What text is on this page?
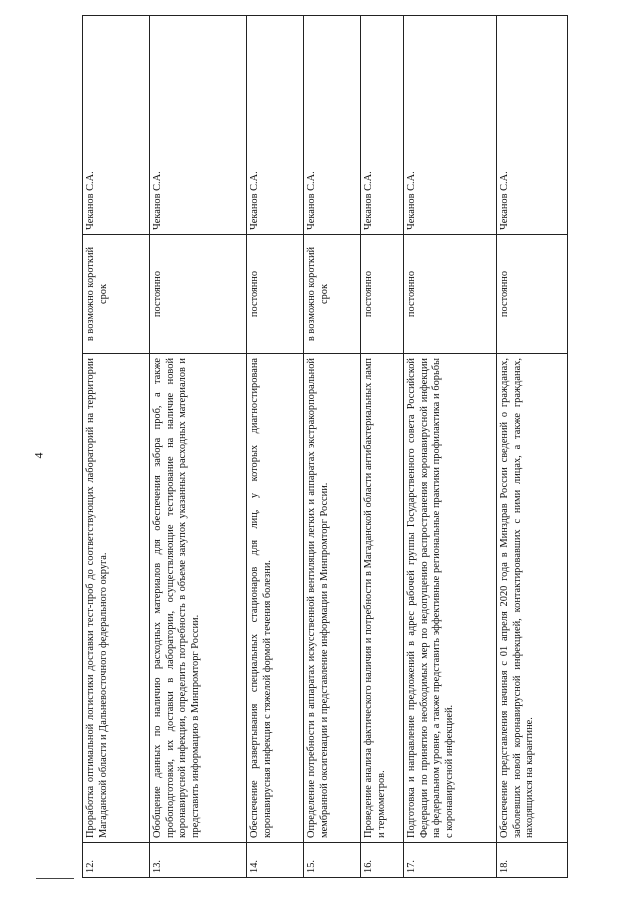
4
12.	Проработка оптимальной логистики доставки тест-проб до соответствующих лабораторий на территории Магаданской области и Дальневосточного федерального округа.	в возможно короткий срок	Чеканов С.А.
13.	Обобщение данных по наличию расходных материалов для обеспечения забора проб, а также пробоподготовки, их доставки в лаборатории, осуществляющие тестирование на наличие новой коронавирусной инфекции, определить потребность в объеме закупок указанных расходных материалов и представить информацию в Минпромторг России.	постоянно	Чеканов С.А.
14.	Обеспечение развертывания специальных стационаров для лиц, у которых диагностирована коронавирусная инфекция с тяжелой формой течения болезни.	постоянно	Чеканов С.А.
15.	Определение потребности в аппаратах искусственной вентиляции легких и аппаратах экстракорпоральной мембранной оксигенации и представление информации в Минпромторг России.	в возможно короткий срок	Чеканов С.А.
16.	Проведение анализа фактического наличия и потребности в Магаданской области антибактериальных ламп и термометров.	постоянно	Чеканов С.А.
17.	Подготовка и направление предложений в адрес рабочей группы Государственного совета Российской Федерации по принятию необходимых мер по недопущению распространения коронавирусной инфекции на федеральном уровне, а также представить эффективные региональные практики профилактика и борьбы с коронавирусной инфекцией.	постоянно	Чеканов С.А.
18.	Обеспечение представления начиная с 01 апреля 2020 года в Минздрав России сведений о гражданах, заболевших новой коронавирусной инфекцией, контактировавших с ними лицах, а также гражданах, находящихся на карантине.	постоянно	Чеканов С.А.
